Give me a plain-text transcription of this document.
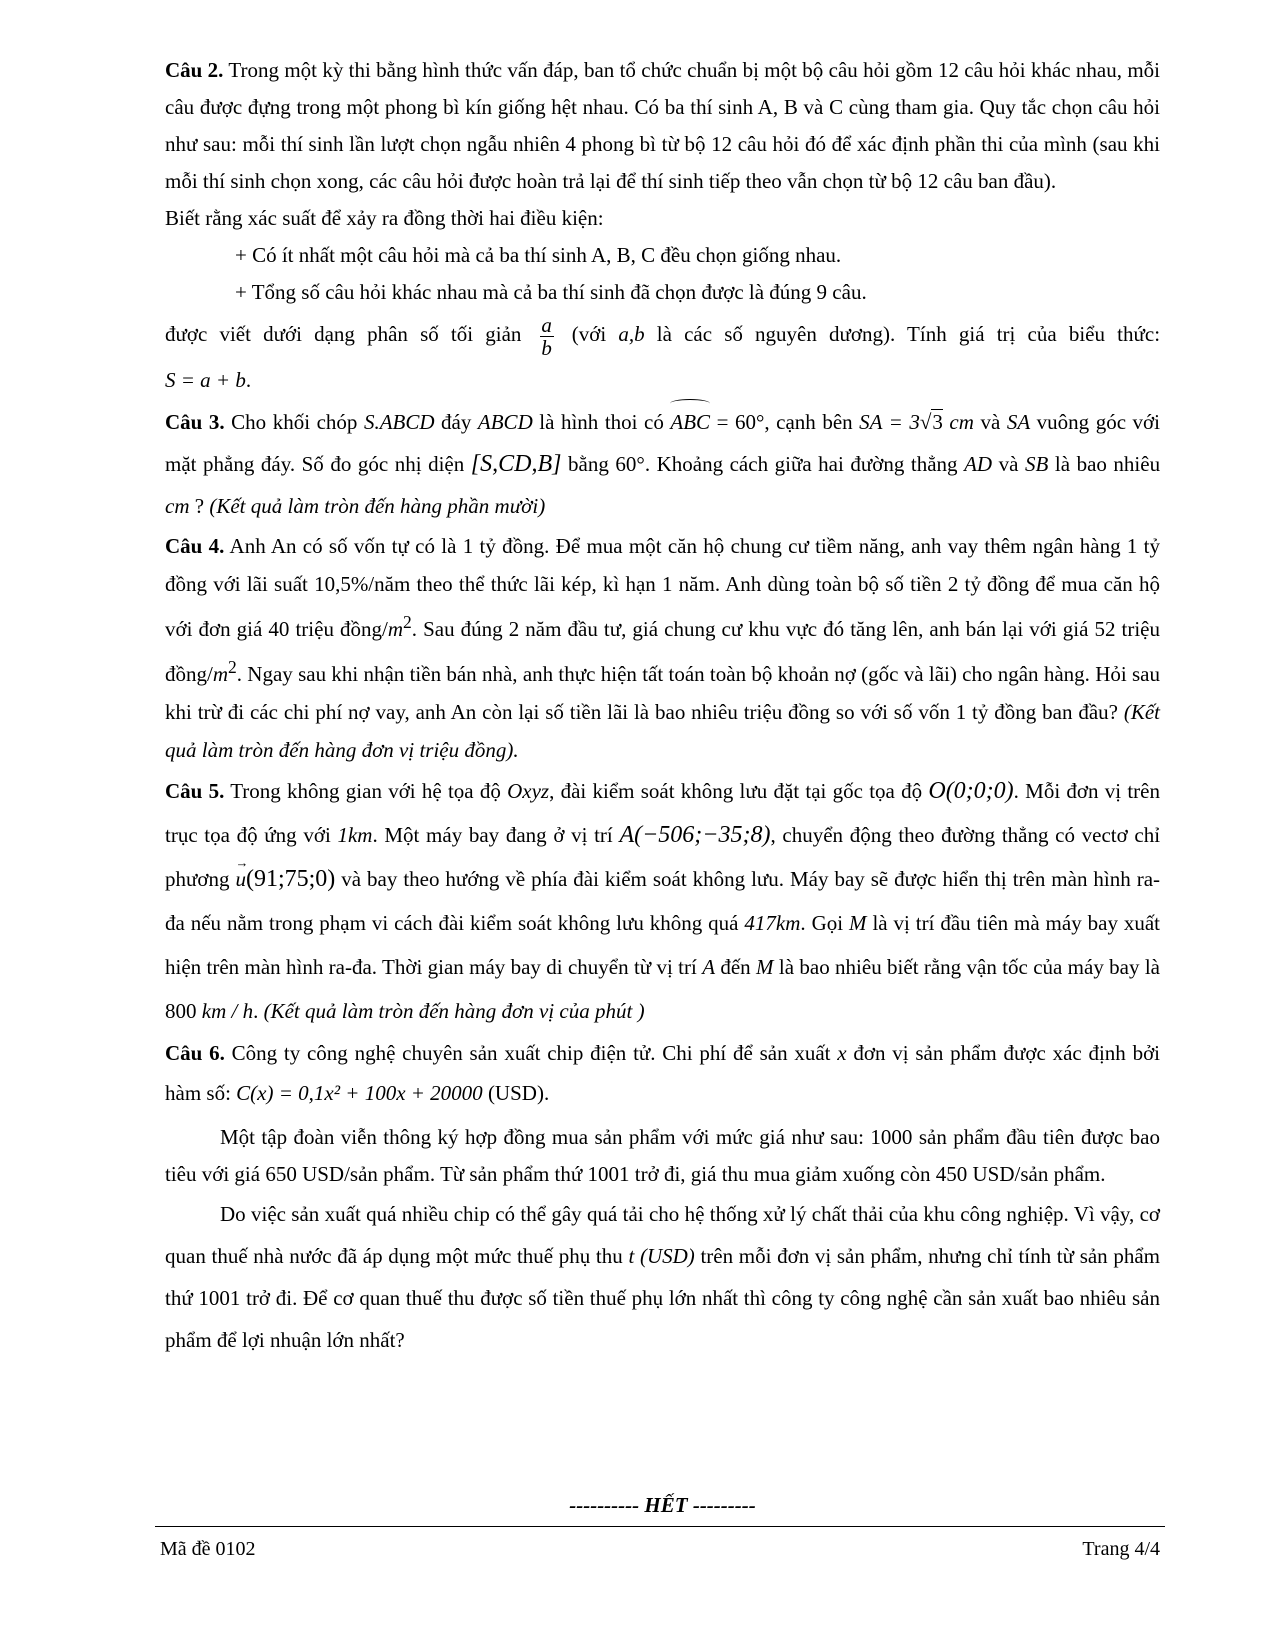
Câu 2. Trong một kỳ thi bằng hình thức vấn đáp, ban tổ chức chuẩn bị một bộ câu hỏi gồm 12 câu hỏi khác nhau, mỗi câu được đựng trong một phong bì kín giống hệt nhau. Có ba thí sinh A, B và C cùng tham gia. Quy tắc chọn câu hỏi như sau: mỗi thí sinh lần lượt chọn ngẫu nhiên 4 phong bì từ bộ 12 câu hỏi đó để xác định phần thi của mình (sau khi mỗi thí sinh chọn xong, các câu hỏi được hoàn trả lại để thí sinh tiếp theo vẫn chọn từ bộ 12 câu ban đầu).

Biết rằng xác suất để xảy ra đồng thời hai điều kiện:

+ Có ít nhất một câu hỏi mà cả ba thí sinh A, B, C đều chọn giống nhau.

+ Tổng số câu hỏi khác nhau mà cả ba thí sinh đã chọn được là đúng 9 câu.

được viết dưới dạng phân số tối giản $\frac{a}{b}$ (với a,b là các số nguyên dương). Tính giá trị của biểu thức:

S = a + b.

Câu 3. Cho khối chóp S.ABCD đáy ABCD là hình thoi có ABC = 60°, cạnh bên SA = 3√3 cm và SA vuông góc với mặt phẳng đáy. Số đo góc nhị diện [S,CD,B] bằng 60°. Khoảng cách giữa hai đường thẳng AD và SB là bao nhiêu cm ? (Kết quả làm tròn đến hàng phần mười)

Câu 4. Anh An có số vốn tự có là 1 tỷ đồng. Để mua một căn hộ chung cư tiềm năng, anh vay thêm ngân hàng 1 tỷ đồng với lãi suất 10,5%/năm theo thể thức lãi kép, kì hạn 1 năm. Anh dùng toàn bộ số tiền 2 tỷ đồng để mua căn hộ với đơn giá 40 triệu đồng/$m^2$. Sau đúng 2 năm đầu tư, giá chung cư khu vực đó tăng lên, anh bán lại với giá 52 triệu đồng/$m^2$. Ngay sau khi nhận tiền bán nhà, anh thực hiện tất toán toàn bộ khoản nợ (gốc và lãi) cho ngân hàng. Hỏi sau khi trừ đi các chi phí nợ vay, anh An còn lại số tiền lãi là bao nhiêu triệu đồng so với số vốn 1 tỷ đồng ban đầu? (Kết quả làm tròn đến hàng đơn vị triệu đồng).

Câu 5. Trong không gian với hệ tọa độ Oxyz, đài kiểm soát không lưu đặt tại gốc tọa độ O(0;0;0). Mỗi đơn vị trên trục tọa độ ứng với 1km. Một máy bay đang ở vị trí A(−506;−35;8), chuyển động theo đường thẳng có vectơ chỉ phương → u(91;75;0) và bay theo hướng về phía đài kiểm soát không lưu. Máy bay sẽ được hiển thị trên màn hình ra-đa nếu nằm trong phạm vi cách đài kiểm soát không lưu không quá 417km. Gọi M là vị trí đầu tiên mà máy bay xuất hiện trên màn hình ra-đa. Thời gian máy bay di chuyển từ vị trí A đến M là bao nhiêu biết rằng vận tốc của máy bay là 800 km / h. (Kết quả làm tròn đến hàng đơn vị của phút )

Câu 6. Công ty công nghệ chuyên sản xuất chip điện tử. Chi phí để sản xuất x đơn vị sản phẩm được xác định bởi hàm số: C(x) = 0,1x² + 100x + 20000 (USD).

Một tập đoàn viễn thông ký hợp đồng mua sản phẩm với mức giá như sau: 1000 sản phẩm đầu tiên được bao tiêu với giá 650 USD/sản phẩm. Từ sản phẩm thứ 1001 trở đi, giá thu mua giảm xuống còn 450 USD/sản phẩm.

Do việc sản xuất quá nhiều chip có thể gây quá tải cho hệ thống xử lý chất thải của khu công nghiệp. Vì vậy, cơ quan thuế nhà nước đã áp dụng một mức thuế phụ thu t (USD) trên mỗi đơn vị sản phẩm, nhưng chỉ tính từ sản phẩm thứ 1001 trở đi. Để cơ quan thuế thu được số tiền thuế phụ lớn nhất thì công ty công nghệ cần sản xuất bao nhiêu sản phẩm để lợi nhuận lớn nhất?

---------- HẾT ---------
Mã đề 0102	Trang 4/4
